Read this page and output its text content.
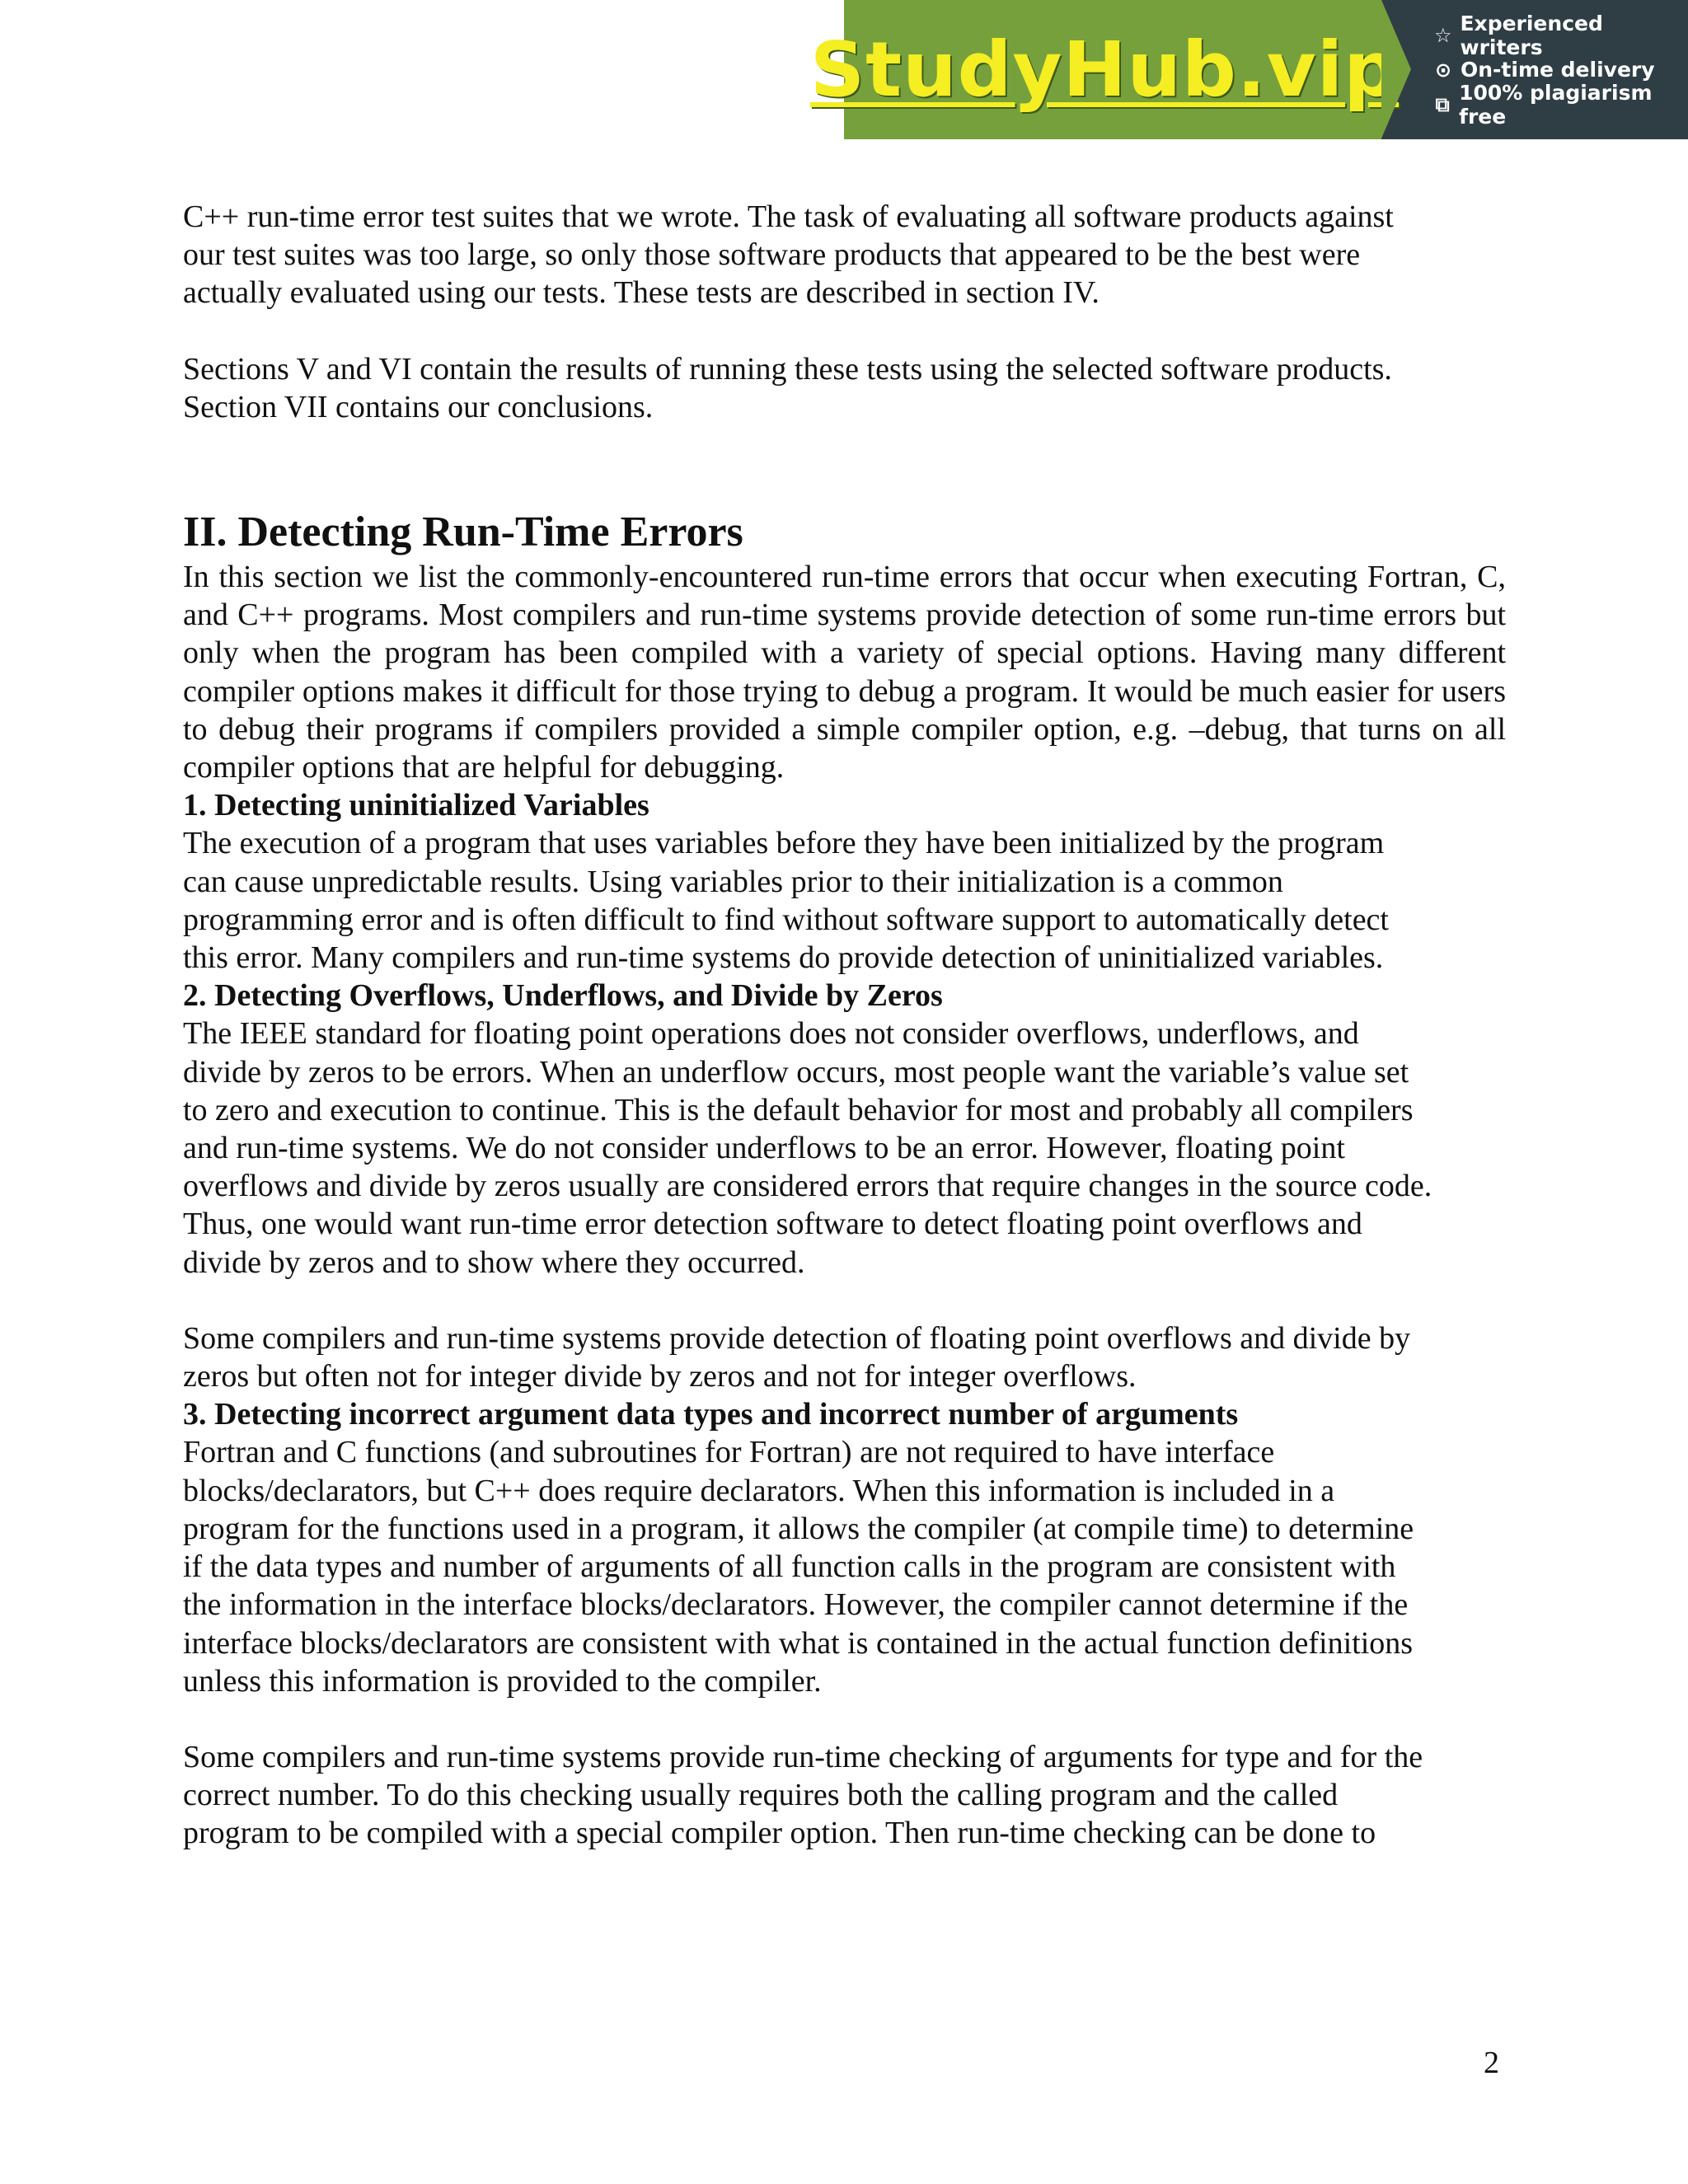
StudyHub.vip ☆ Experienced writers
⊙ On-time delivery
⧉ 100% plagiarism free

C++ run-time error test suites that we wrote. The task of evaluating all software products against
our test suites was too large, so only those software products that appeared to be the best were
actually evaluated using our tests. These tests are described in section IV.

Sections V and VI contain the results of running these tests using the selected software products.
Section VII contains our conclusions.

II. Detecting Run-Time Errors

In this section we list the commonly-encountered run-time errors that occur when executing Fortran, C, and C++ programs. Most compilers and run-time systems provide detection of some run-time errors but only when the program has been compiled with a variety of special options. Having many different compiler options makes it difficult for those trying to debug a program. It would be much easier for users to debug their programs if compilers provided a simple compiler option, e.g. –debug, that turns on all compiler options that are helpful for debugging.

1. Detecting uninitialized Variables

The execution of a program that uses variables before they have been initialized by the program
can cause unpredictable results. Using variables prior to their initialization is a common
programming error and is often difficult to find without software support to automatically detect
this error. Many compilers and run-time systems do provide detection of uninitialized variables.

2. Detecting Overflows, Underflows, and Divide by Zeros

The IEEE standard for floating point operations does not consider overflows, underflows, and
divide by zeros to be errors. When an underflow occurs, most people want the variable’s value set
to zero and execution to continue. This is the default behavior for most and probably all compilers
and run-time systems. We do not consider underflows to be an error. However, floating point
overflows and divide by zeros usually are considered errors that require changes in the source code.
Thus, one would want run-time error detection software to detect floating point overflows and
divide by zeros and to show where they occurred.

Some compilers and run-time systems provide detection of floating point overflows and divide by
zeros but often not for integer divide by zeros and not for integer overflows.

3. Detecting incorrect argument data types and incorrect number of arguments

Fortran and C functions (and subroutines for Fortran) are not required to have interface
blocks/declarators, but C++ does require declarators. When this information is included in a
program for the functions used in a program, it allows the compiler (at compile time) to determine
if the data types and number of arguments of all function calls in the program are consistent with
the information in the interface blocks/declarators. However, the compiler cannot determine if the
interface blocks/declarators are consistent with what is contained in the actual function definitions
unless this information is provided to the compiler.

Some compilers and run-time systems provide run-time checking of arguments for type and for the
correct number. To do this checking usually requires both the calling program and the called
program to be compiled with a special compiler option. Then run-time checking can be done to

2
